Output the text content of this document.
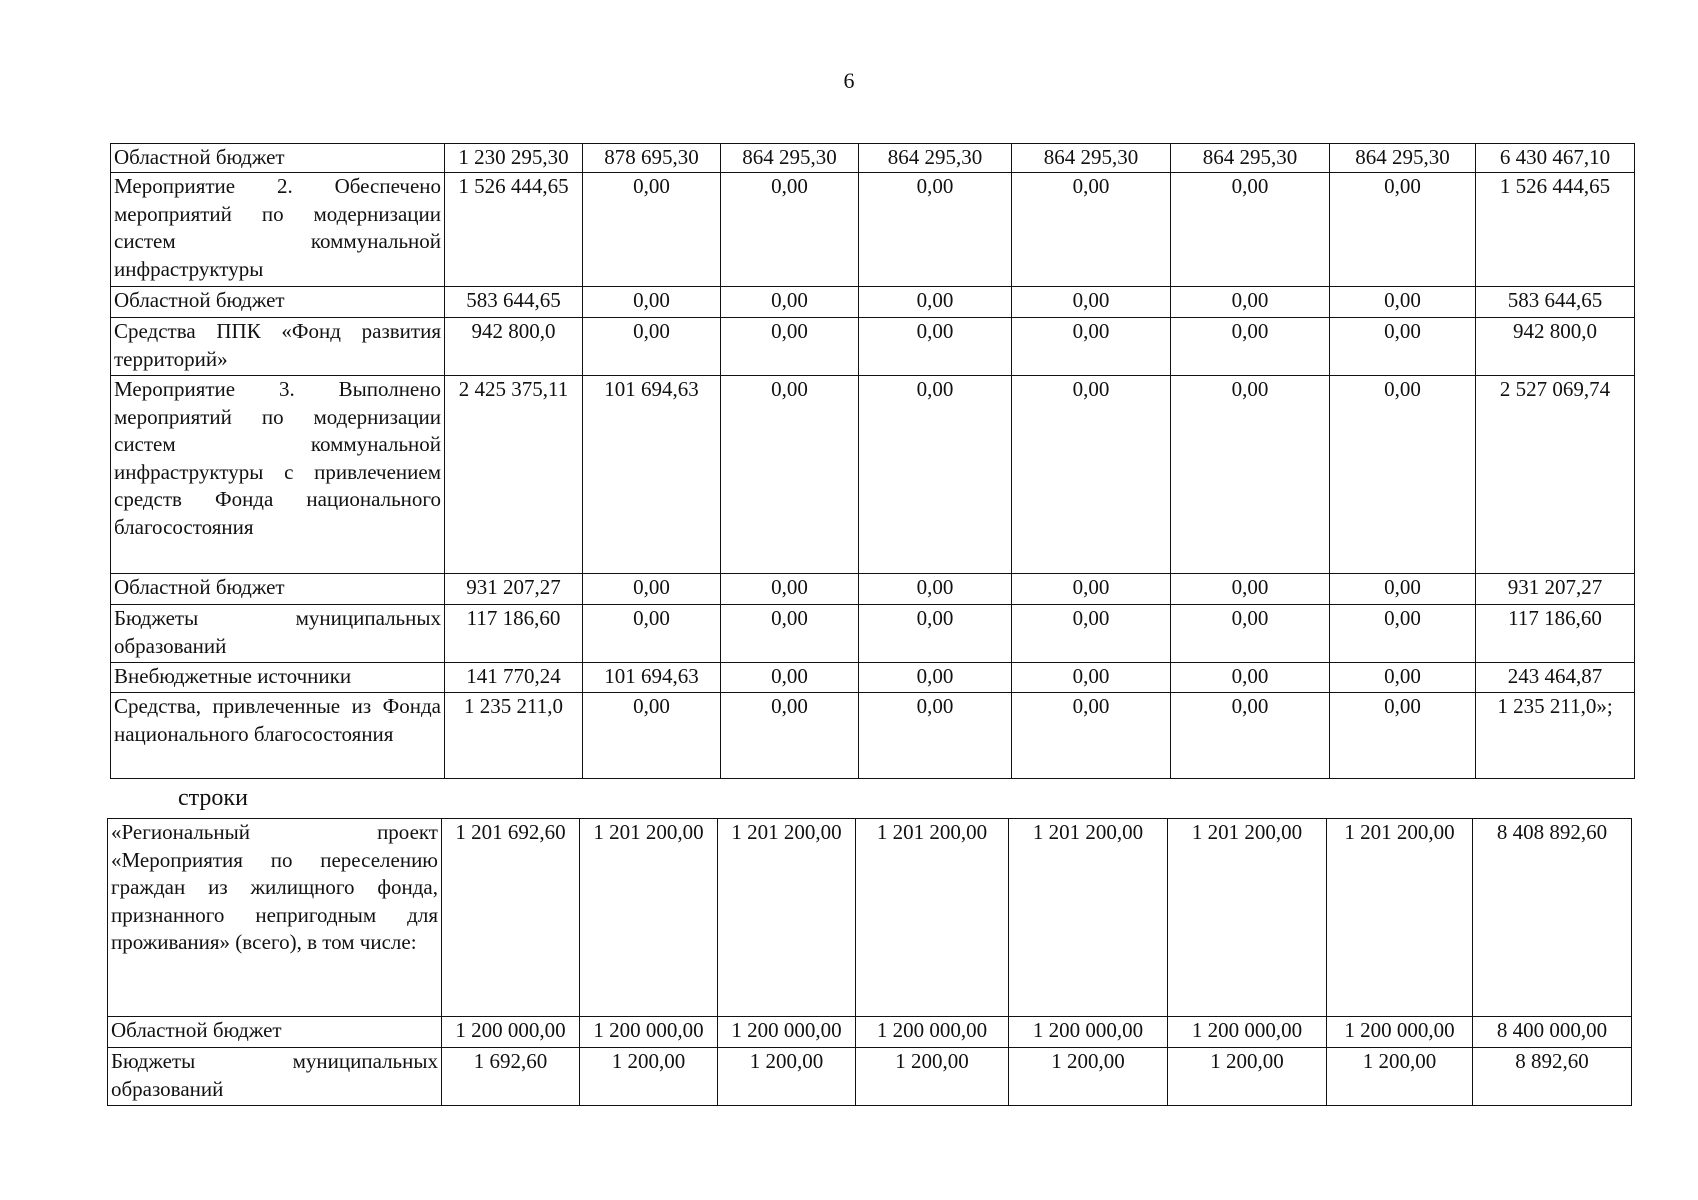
6
Областной бюджет	1 230 295,30	878 695,30	864 295,30	864 295,30	864 295,30	864 295,30	864 295,30	6 430 467,10
Мероприятие 2. Обеспечено мероприятий по модернизации систем коммунальной инфраструктуры	1 526 444,65	0,00	0,00	0,00	0,00	0,00	0,00	1 526 444,65
Областной бюджет	583 644,65	0,00	0,00	0,00	0,00	0,00	0,00	583 644,65
Средства ППК «Фонд развития территорий»	942 800,0	0,00	0,00	0,00	0,00	0,00	0,00	942 800,0
Мероприятие 3. Выполнено мероприятий по модернизации систем коммунальной инфраструктуры с привлечением средств Фонда национального благосостояния	2 425 375,11	101 694,63	0,00	0,00	0,00	0,00	0,00	2 527 069,74
Областной бюджет	931 207,27	0,00	0,00	0,00	0,00	0,00	0,00	931 207,27
Бюджеты муниципальных образований	117 186,60	0,00	0,00	0,00	0,00	0,00	0,00	117 186,60
Внебюджетные источники	141 770,24	101 694,63	0,00	0,00	0,00	0,00	0,00	243 464,87
Средства, привлеченные из Фонда национального благосостояния	1 235 211,0	0,00	0,00	0,00	0,00	0,00	0,00	1 235 211,0»;
строки
«Региональный проект «Мероприятия по переселению граждан из жилищного фонда, признанного непригодным для проживания» (всего), в том числе:	1 201 692,60	1 201 200,00	1 201 200,00	1 201 200,00	1 201 200,00	1 201 200,00	1 201 200,00	8 408 892,60
Областной бюджет	1 200 000,00	1 200 000,00	1 200 000,00	1 200 000,00	1 200 000,00	1 200 000,00	1 200 000,00	8 400 000,00
Бюджеты муниципальных образований	1 692,60	1 200,00	1 200,00	1 200,00	1 200,00	1 200,00	1 200,00	8 892,60
